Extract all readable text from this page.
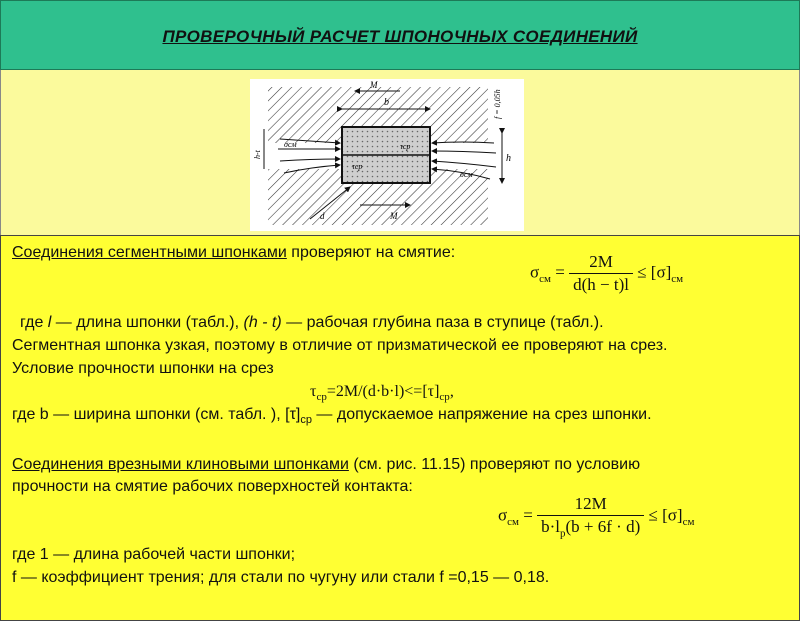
ПРОВЕРОЧНЫЙ РАСЧЕТ ШПОНОЧНЫХ СОЕДИНЕНИЙ
b
M
f = 0,05h
h-t	h
σсм
σсм
τср
τср
M
d
Соединения сегментными шпонками проверяют на смятие:
$\sigma_{см} = \frac{2M}{d(h - t)l} \le [\sigma]_{см}$
где l — длина шпонки (табл.), (h - t) — рабочая глубина паза в ступице (табл.).
Сегментная шпонка узкая, поэтому в отличие от призматической ее проверяют на срез.
Условие прочности шпонки на срез
$\tau_{ср}=2M/(d\cdot b\cdot l)<=[\tau]_{ср}$,
где b — ширина шпонки (см. табл. ), $[\tau]_{ср}$ — допускаемое напряжение на срез шпонки.
Соединения врезными клиновыми шпонками (см. рис. 11.15) проверяют по условию
прочности на смятие рабочих поверхностей контакта:
$\sigma_{см} = \frac{12M}{b\cdot l_p(b + 6f \cdot d)} \le [\sigma]_{см}$
где 1 — длина рабочей части шпонки;
f — коэффициент трения; для стали по чугуну или стали f =0,15 — 0,18.
